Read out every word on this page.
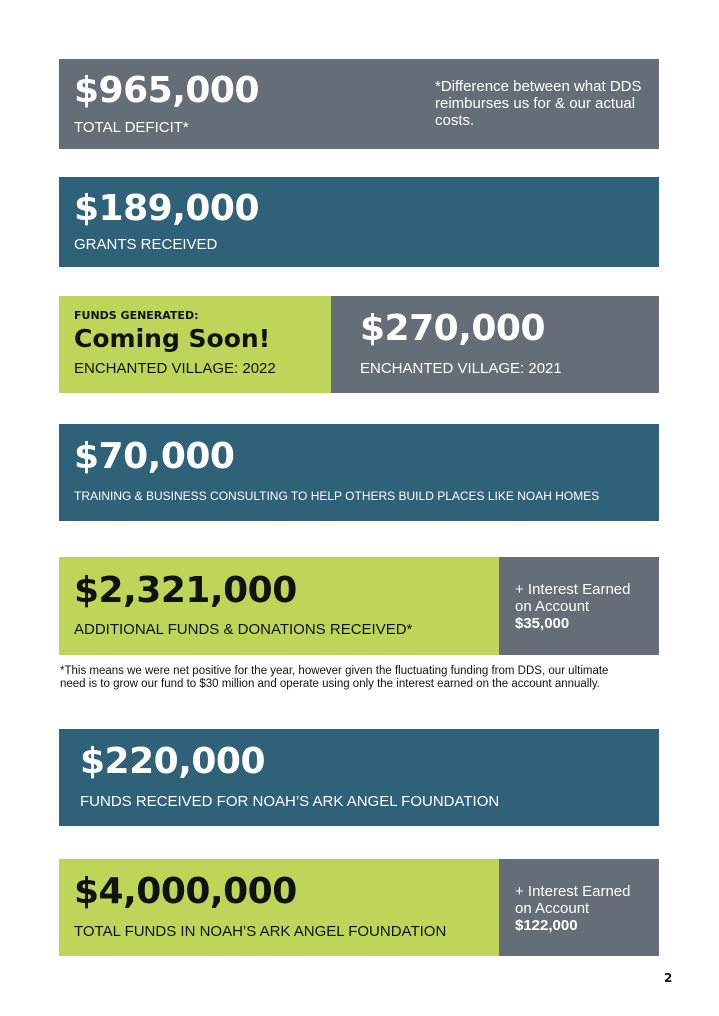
$965,000
TOTAL DEFICIT*
*Difference between what DDS reimburses us for & our actual costs.
$189,000
GRANTS RECEIVED
FUNDS GENERATED:
Coming Soon!
ENCHANTED VILLAGE: 2022
$270,000
ENCHANTED VILLAGE: 2021
$70,000
TRAINING & BUSINESS CONSULTING TO HELP OTHERS BUILD PLACES LIKE NOAH HOMES
$2,321,000
ADDITIONAL FUNDS & DONATIONS RECEIVED*
+ Interest Earned on Account
$35,000
*This means we were net positive for the year, however given the fluctuating funding from DDS, our ultimate need is to grow our fund to $30 million and operate using only the interest earned on the account annually.
$220,000
FUNDS RECEIVED FOR NOAH’S ARK ANGEL FOUNDATION
$4,000,000
TOTAL FUNDS IN NOAH’S ARK ANGEL FOUNDATION
+ Interest Earned on Account
$122,000
2
